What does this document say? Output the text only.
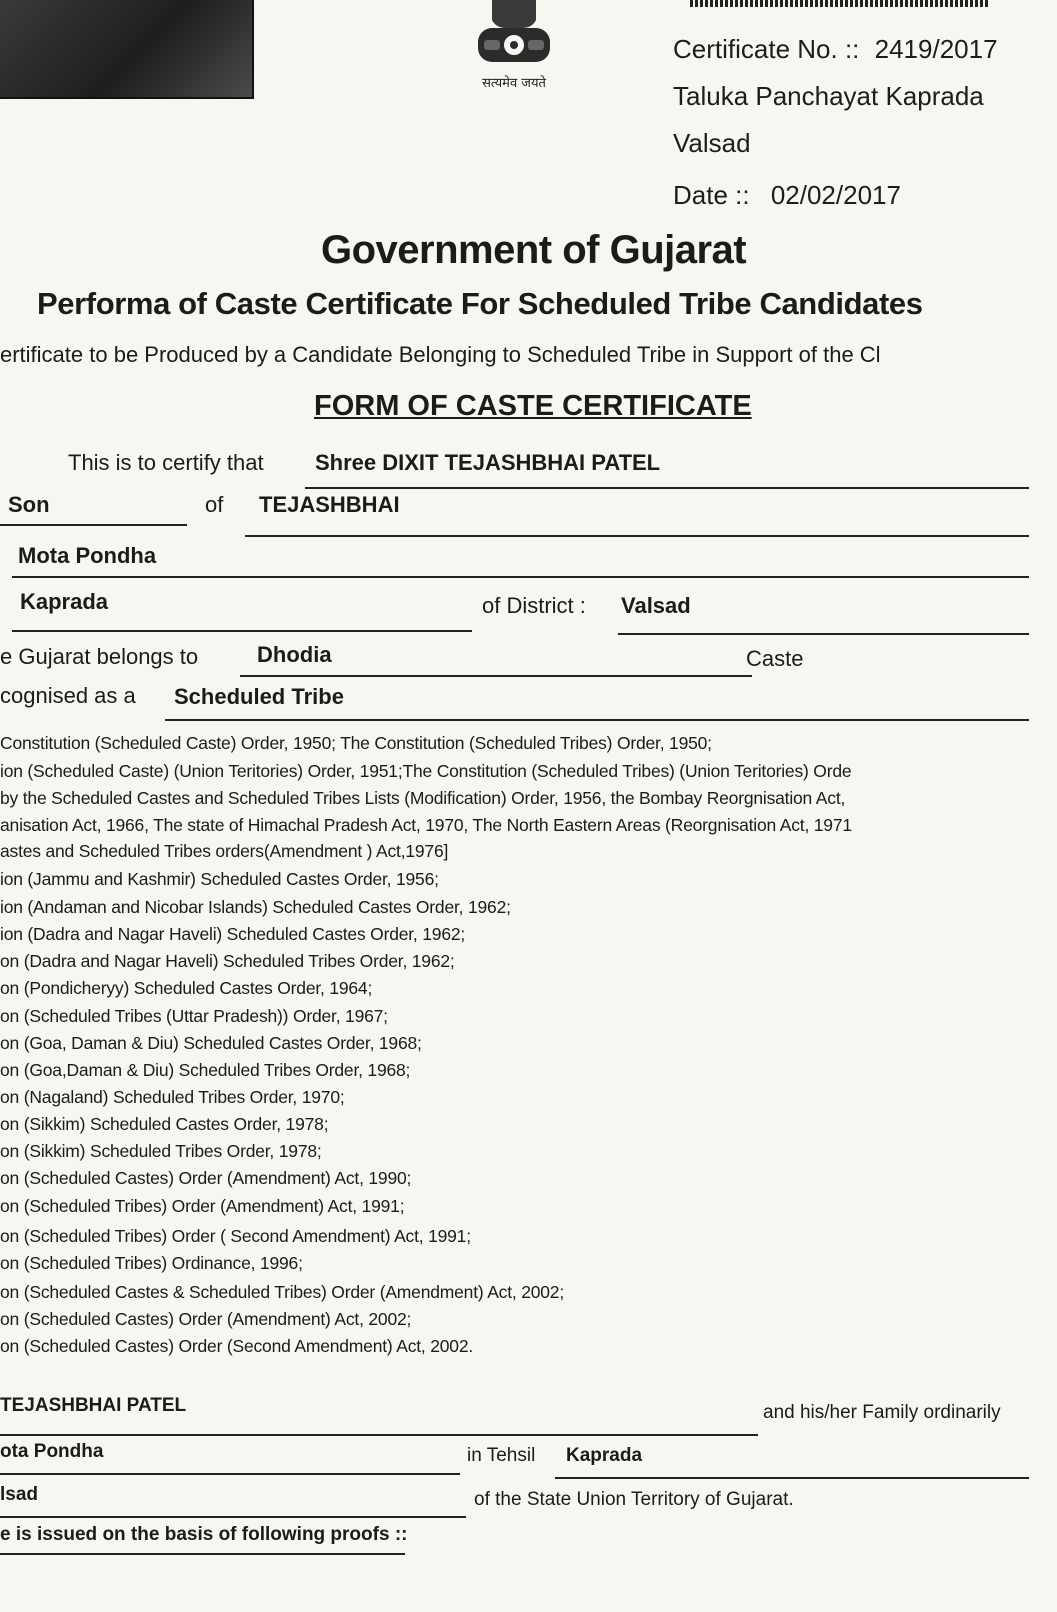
सत्यमेव जयते
Certificate No. :: 2419/2017
Taluka Panchayat Kaprada
Valsad
Date :: 02/02/2017
Government of Gujarat
Performa of Caste Certificate For Scheduled Tribe Candidates
ertificate to be Produced by a Candidate Belonging to Scheduled Tribe in Support of the Cl
FORM OF CASTE CERTIFICATE
This is to certify that Shree DIXIT TEJASHBHAI PATEL
Son	of TEJASHBHAI
Mota Pondha
Kaprada	of District : Valsad
e Gujarat belongs to	Dhodia	Caste
cognised as a Scheduled Tribe
Constitution (Scheduled Caste) Order, 1950; The Constitution (Scheduled Tribes) Order, 1950;
ion (Scheduled Caste) (Union Teritories) Order, 1951;The Constitution (Scheduled Tribes) (Union Teritories) Orde
by the Scheduled Castes and Scheduled Tribes Lists (Modification) Order, 1956, the Bombay Reorgnisation Act,
anisation Act, 1966, The state of Himachal Pradesh Act, 1970, The North Eastern Areas (Reorgnisation Act, 1971
astes and Scheduled Tribes orders(Amendment ) Act,1976]
ion (Jammu and Kashmir) Scheduled Castes Order, 1956;
ion (Andaman and Nicobar Islands) Scheduled Castes Order, 1962;
ion (Dadra and Nagar Haveli) Scheduled Castes Order, 1962;
on (Dadra and Nagar Haveli) Scheduled Tribes Order, 1962;
on (Pondicheryy) Scheduled Castes Order, 1964;
on (Scheduled Tribes (Uttar Pradesh)) Order, 1967;
on (Goa, Daman & Diu) Scheduled Castes Order, 1968;
on (Goa,Daman & Diu) Scheduled Tribes Order, 1968;
on (Nagaland) Scheduled Tribes Order, 1970;
on (Sikkim) Scheduled Castes Order, 1978;
on (Sikkim) Scheduled Tribes Order, 1978;
on (Scheduled Castes) Order (Amendment) Act, 1990;
on (Scheduled Tribes) Order (Amendment) Act, 1991;
on (Scheduled Tribes) Order ( Second Amendment) Act, 1991;
on (Scheduled Tribes) Ordinance, 1996;
on (Scheduled Castes & Scheduled Tribes) Order (Amendment) Act, 2002;
on (Scheduled Castes) Order (Amendment) Act, 2002;
on (Scheduled Castes) Order (Second Amendment) Act, 2002.
TEJASHBHAI PATEL	and his/her Family ordinarily
ota Pondha	in Tehsil Kaprada
lsad	of the State Union Territory of Gujarat.
e is issued on the basis of following proofs ::
